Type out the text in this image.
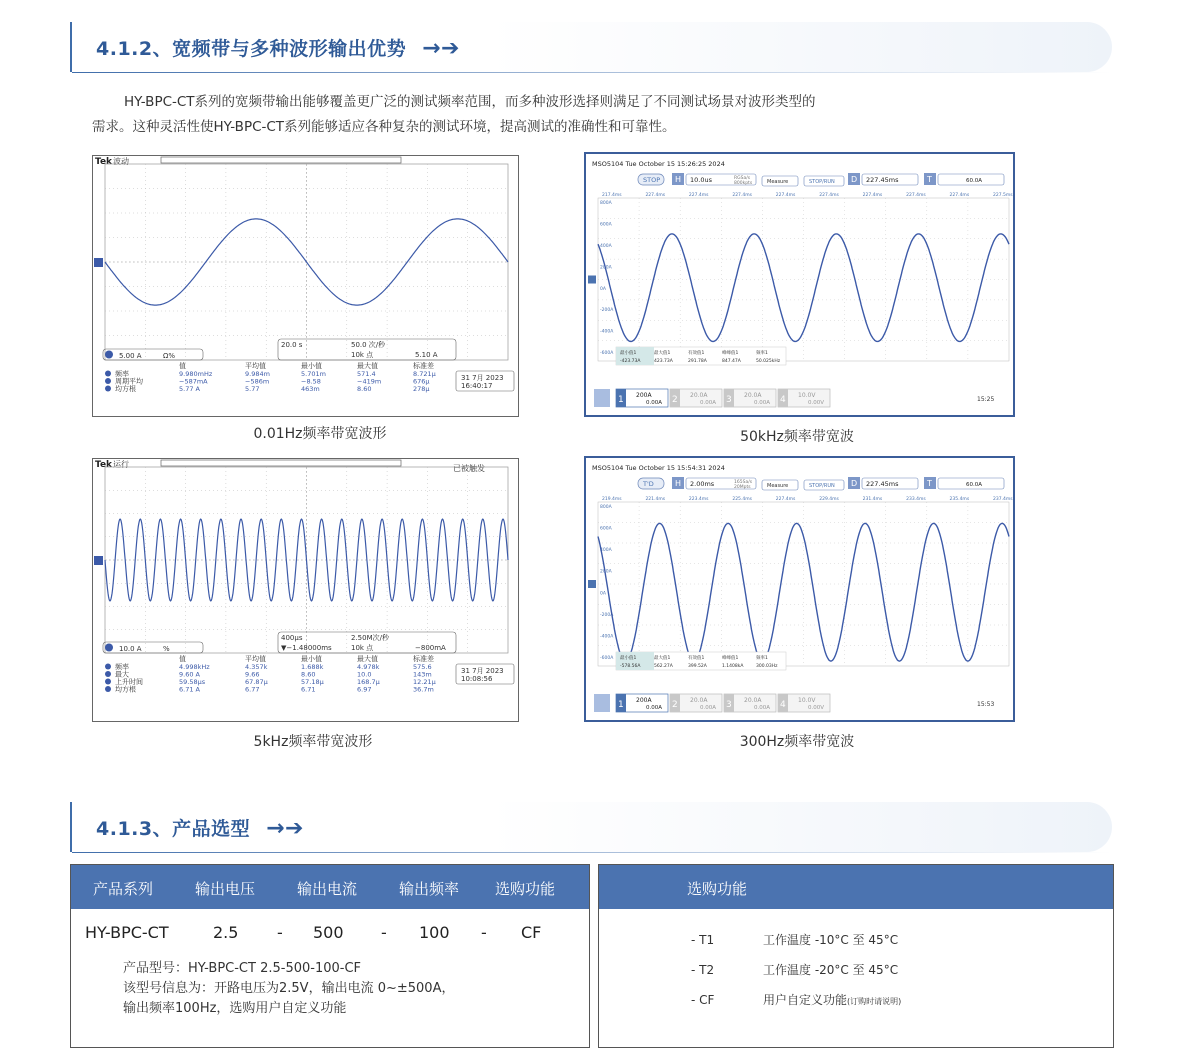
4.1.2、宽频带与多种波形输出优势 →➔

HY-BPC-CT系列的宽频带输出能够覆盖更广泛的测试频率范围，而多种波形选择则满足了不同测试场景对波形类型的

需求。这种灵活性使HY-BPC-CT系列能够适应各种复杂的测试环境，提高测试的准确性和可靠性。
Tek 波动
5.00 A	Ω%
20.0 s	50.0 次/秒
10k 点	5.10 A
值	平均值	最小值	最大值	标准差
频率	9.980mHz	9.984m	5.701m	571.4	8.721μ
周期平均	−587mA	−586m	−8.58	−419m	676μ
均方根	5.77 A	5.77	463m	8.60	278μ
31 7月 2023
16:40:17
0.01Hz频率带宽波形
MSO5104 Tue October 15 15:26:25 2024
STOP H 10.0us	RGSa/s
800kpts	Measure	STOP/RUN D 227.45ms	T	60.0A
217.4ms	227.4ms	227.4ms	227.4ms	227.4ms	227.4ms	227.4ms	227.4ms	227.4ms	227.5ms
800A
600A
400A
200A
0A
-200A
-400A
-600A 最小值1
-423.73A
最大值1
423.73A
有效值1
291.78A
峰峰值1
847.47A
频率1
50.025kHz
1 200A
0.00A 2 20.0A
0.00A 3 20.0A
0.00A 4 10.0V
0.00V	15:25
50kHz频率带宽波
Tek 运行	已被触发
10.0 A	%
400μs
▼−1.48000ms
2.50M次/秒
10k 点	−800mA
值	平均值	最小值	最大值	标准差
频率	4.998kHz	4.357k	1.688k	4.978k	575.6
最大	9.60 A	9.66	8.60	10.0	143m
上升时间	59.58μs	67.87μ	57.18μ	168.7μ	12.21μ
均方根	6.71 A	6.77	6.71	6.97	36.7m
31 7月 2023
10:08:56
5kHz频率带宽波形
MSO5104 Tue October 15 15:54:31 2024
T'D	H 2.00ms	165Sa/s
20Mpts	Measure	STOP/RUN D 227.45ms	T	60.0A
219.4ms	221.4ms	223.4ms	225.4ms	227.4ms	229.4ms	231.4ms	233.4ms	235.4ms	237.4ms
800A
600A
400A
200A
0A
-200A
-400A
-600A 最小值1
-578.56A
最大值1
562.27A
有效值1
399.52A
峰峰值1
1.1408kA
频率1
300.03Hz
1 200A
0.00A 2 20.0A
0.00A 3 20.0A
0.00A 4 10.0V
0.00V	15:53
300Hz频率带宽波
4.1.3、产品选型 →➔
产品系列	输出电压	输出电流	输出频率 选购功能
HY-BPC-CT	2.5 - 500 - 100 - CF
产品型号：HY-BPC-CT 2.5-500-100-CF
该型号信息为：开路电压为2.5V，输出电流 0~±500A，
输出频率100Hz，选购用户自定义功能
选购功能
- T1	工作温度 -10°C 至 45°C
- T2	工作温度 -20°C 至 45°C
- CF	用户自定义功能(订购时请说明)
